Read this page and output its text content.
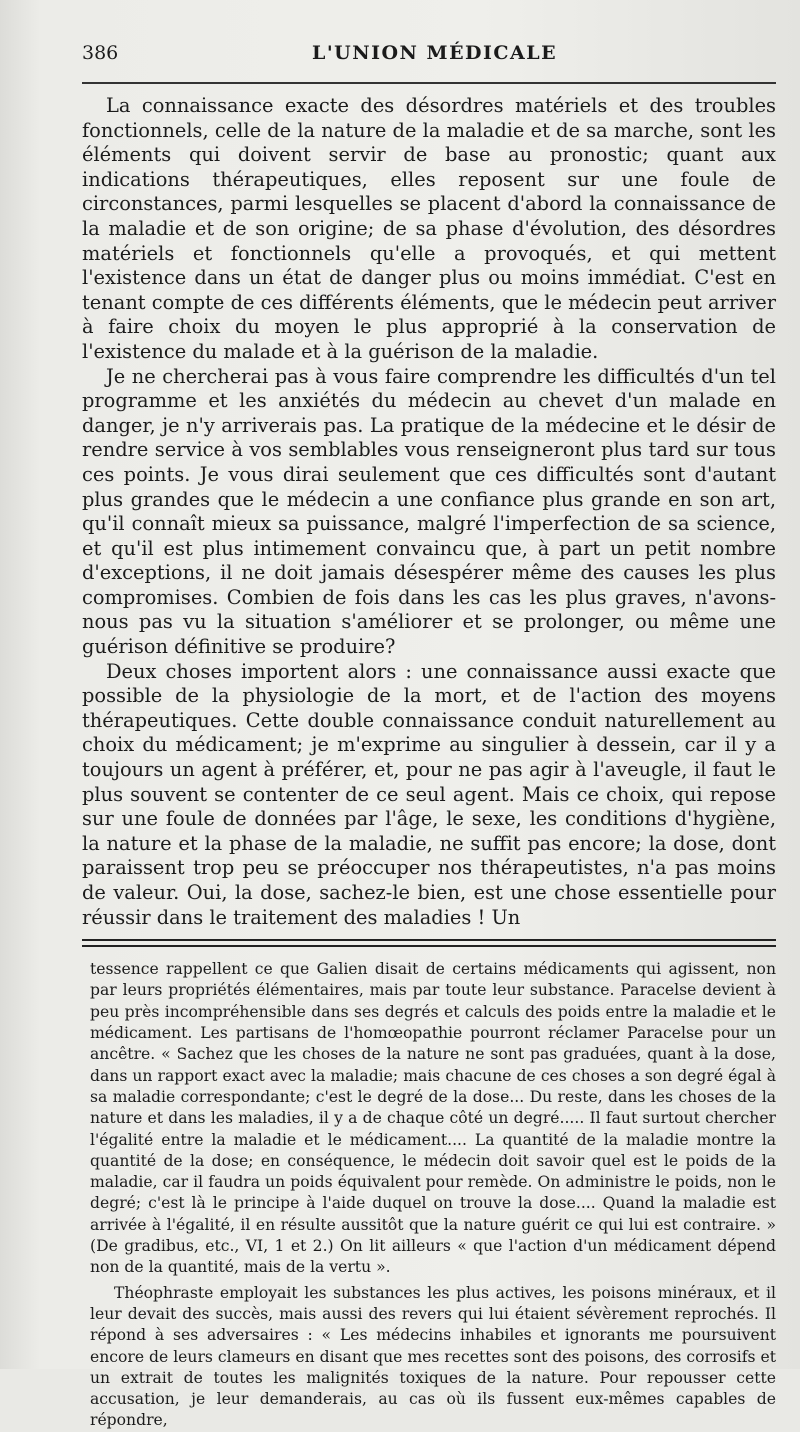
386	L'UNION MÉDICALE

La connaissance exacte des désordres matériels et des troubles fonctionnels, celle de la nature de la maladie et de sa marche, sont les éléments qui doivent servir de base au pronostic; quant aux indications thérapeutiques, elles reposent sur une foule de circonstances, parmi lesquelles se placent d'abord la connaissance de la maladie et de son origine; de sa phase d'évolution, des désordres matériels et fonctionnels qu'elle a provoqués, et qui mettent l'existence dans un état de danger plus ou moins immédiat. C'est en tenant compte de ces différents éléments, que le médecin peut arriver à faire choix du moyen le plus approprié à la conservation de l'existence du malade et à la guérison de la maladie.

Je ne chercherai pas à vous faire comprendre les difficultés d'un tel programme et les anxiétés du médecin au chevet d'un malade en danger, je n'y arriverais pas. La pratique de la médecine et le désir de rendre service à vos semblables vous renseigneront plus tard sur tous ces points. Je vous dirai seulement que ces difficultés sont d'autant plus grandes que le médecin a une confiance plus grande en son art, qu'il connaît mieux sa puissance, malgré l'imperfection de sa science, et qu'il est plus intimement convaincu que, à part un petit nombre d'exceptions, il ne doit jamais désespérer même des causes les plus compromises. Combien de fois dans les cas les plus graves, n'avons-nous pas vu la situation s'améliorer et se prolonger, ou même une guérison définitive se produire?

Deux choses importent alors : une connaissance aussi exacte que possible de la physiologie de la mort, et de l'action des moyens thérapeutiques. Cette double connaissance conduit naturellement au choix du médicament; je m'exprime au singulier à dessein, car il y a toujours un agent à préférer, et, pour ne pas agir à l'aveugle, il faut le plus souvent se contenter de ce seul agent. Mais ce choix, qui repose sur une foule de données par l'âge, le sexe, les conditions d'hygiène, la nature et la phase de la maladie, ne suffit pas encore; la dose, dont paraissent trop peu se préoccuper nos thérapeutistes, n'a pas moins de valeur. Oui, la dose, sachez-le bien, est une chose essentielle pour réussir dans le traitement des maladies ! Un

tessence rappellent ce que Galien disait de certains médicaments qui agissent, non par leurs propriétés élémentaires, mais par toute leur substance. Paracelse devient à peu près incompréhensible dans ses degrés et calculs des poids entre la maladie et le médicament. Les partisans de l'homœopathie pourront réclamer Paracelse pour un ancêtre. « Sachez que les choses de la nature ne sont pas graduées, quant à la dose, dans un rapport exact avec la maladie; mais chacune de ces choses a son degré égal à sa maladie correspondante; c'est le degré de la dose... Du reste, dans les choses de la nature et dans les maladies, il y a de chaque côté un degré..... Il faut surtout chercher l'égalité entre la maladie et le médicament.... La quantité de la maladie montre la quantité de la dose; en conséquence, le médecin doit savoir quel est le poids de la maladie, car il faudra un poids équivalent pour remède. On administre le poids, non le degré; c'est là le principe à l'aide duquel on trouve la dose.... Quand la maladie est arrivée à l'égalité, il en résulte aussitôt que la nature guérit ce qui lui est contraire. » (De gradibus, etc., VI, 1 et 2.) On lit ailleurs « que l'action d'un médicament dépend non de la quantité, mais de la vertu ».

Théophraste employait les substances les plus actives, les poisons minéraux, et il leur devait des succès, mais aussi des revers qui lui étaient sévèrement reprochés. Il répond à ses adversaires : « Les médecins inhabiles et ignorants me poursuivent encore de leurs clameurs en disant que mes recettes sont des poisons, des corrosifs et un extrait de toutes les malignités toxiques de la nature. Pour repousser cette accusation, je leur demanderais, au cas où ils fussent eux-mêmes capables de répondre,
